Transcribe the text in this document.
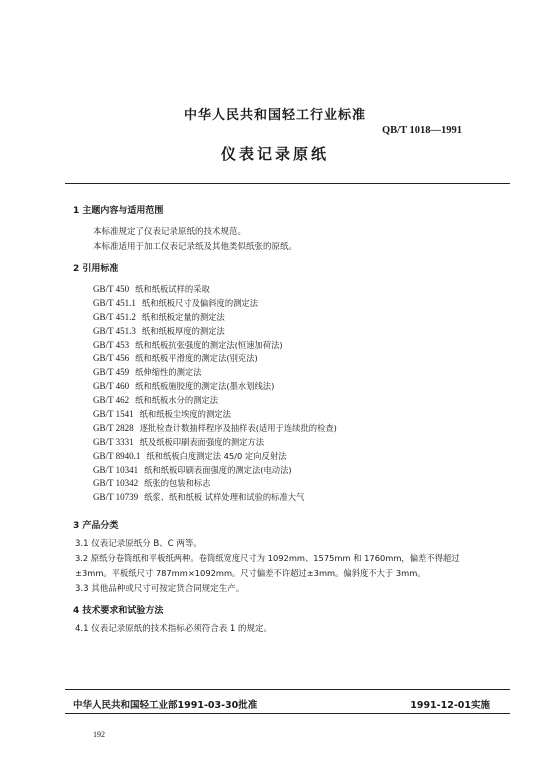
中华人民共和国轻工行业标准
QB/T 1018—1991
仪表记录原纸
1 主题内容与适用范围
本标准规定了仪表记录原纸的技术规范。
本标准适用于加工仪表记录纸及其他类似纸张的原纸。
2 引用标准
GB/T 450 纸和纸板试样的采取
GB/T 451.1 纸和纸板尺寸及偏斜度的测定法
GB/T 451.2 纸和纸板定量的测定法
GB/T 451.3 纸和纸板厚度的测定法
GB/T 453 纸和纸板抗张强度的测定法(恒速加荷法)
GB/T 456 纸和纸板平滑度的测定法(别克法)
GB/T 459 纸伸缩性的测定法
GB/T 460 纸和纸板施胶度的测定法(墨水划线法)
GB/T 462 纸和纸板水分的测定法
GB/T 1541 纸和纸板尘埃度的测定法
GB/T 2828 逐批检查计数抽样程序及抽样表(适用于连续批的检查)
GB/T 3331 纸及纸板印刷表面强度的测定方法
GB/T 8940.1 纸和纸板白度测定法 45/0 定向反射法
GB/T 10341 纸和纸板印刷表面强度的测定法(电动法)
GB/T 10342 纸张的包装和标志
GB/T 10739 纸浆、纸和纸板 试样处理和试验的标准大气
3 产品分类
3.1 仪表记录原纸分 B、C 两等。
3.2 原纸分卷筒纸和平板纸两种。卷筒纸宽度尺寸为 1092mm、1575mm 和 1760mm，偏差不得超过
±3mm。平板纸尺寸 787mm×1092mm。尺寸偏差不许超过±3mm。偏斜度不大于 3mm。
3.3 其他品种或尺寸可按定货合同规定生产。
4 技术要求和试验方法
4.1 仪表记录原纸的技术指标必须符合表 1 的规定。
中华人民共和国轻工业部1991-03-30批准	1991-12-01实施
192
